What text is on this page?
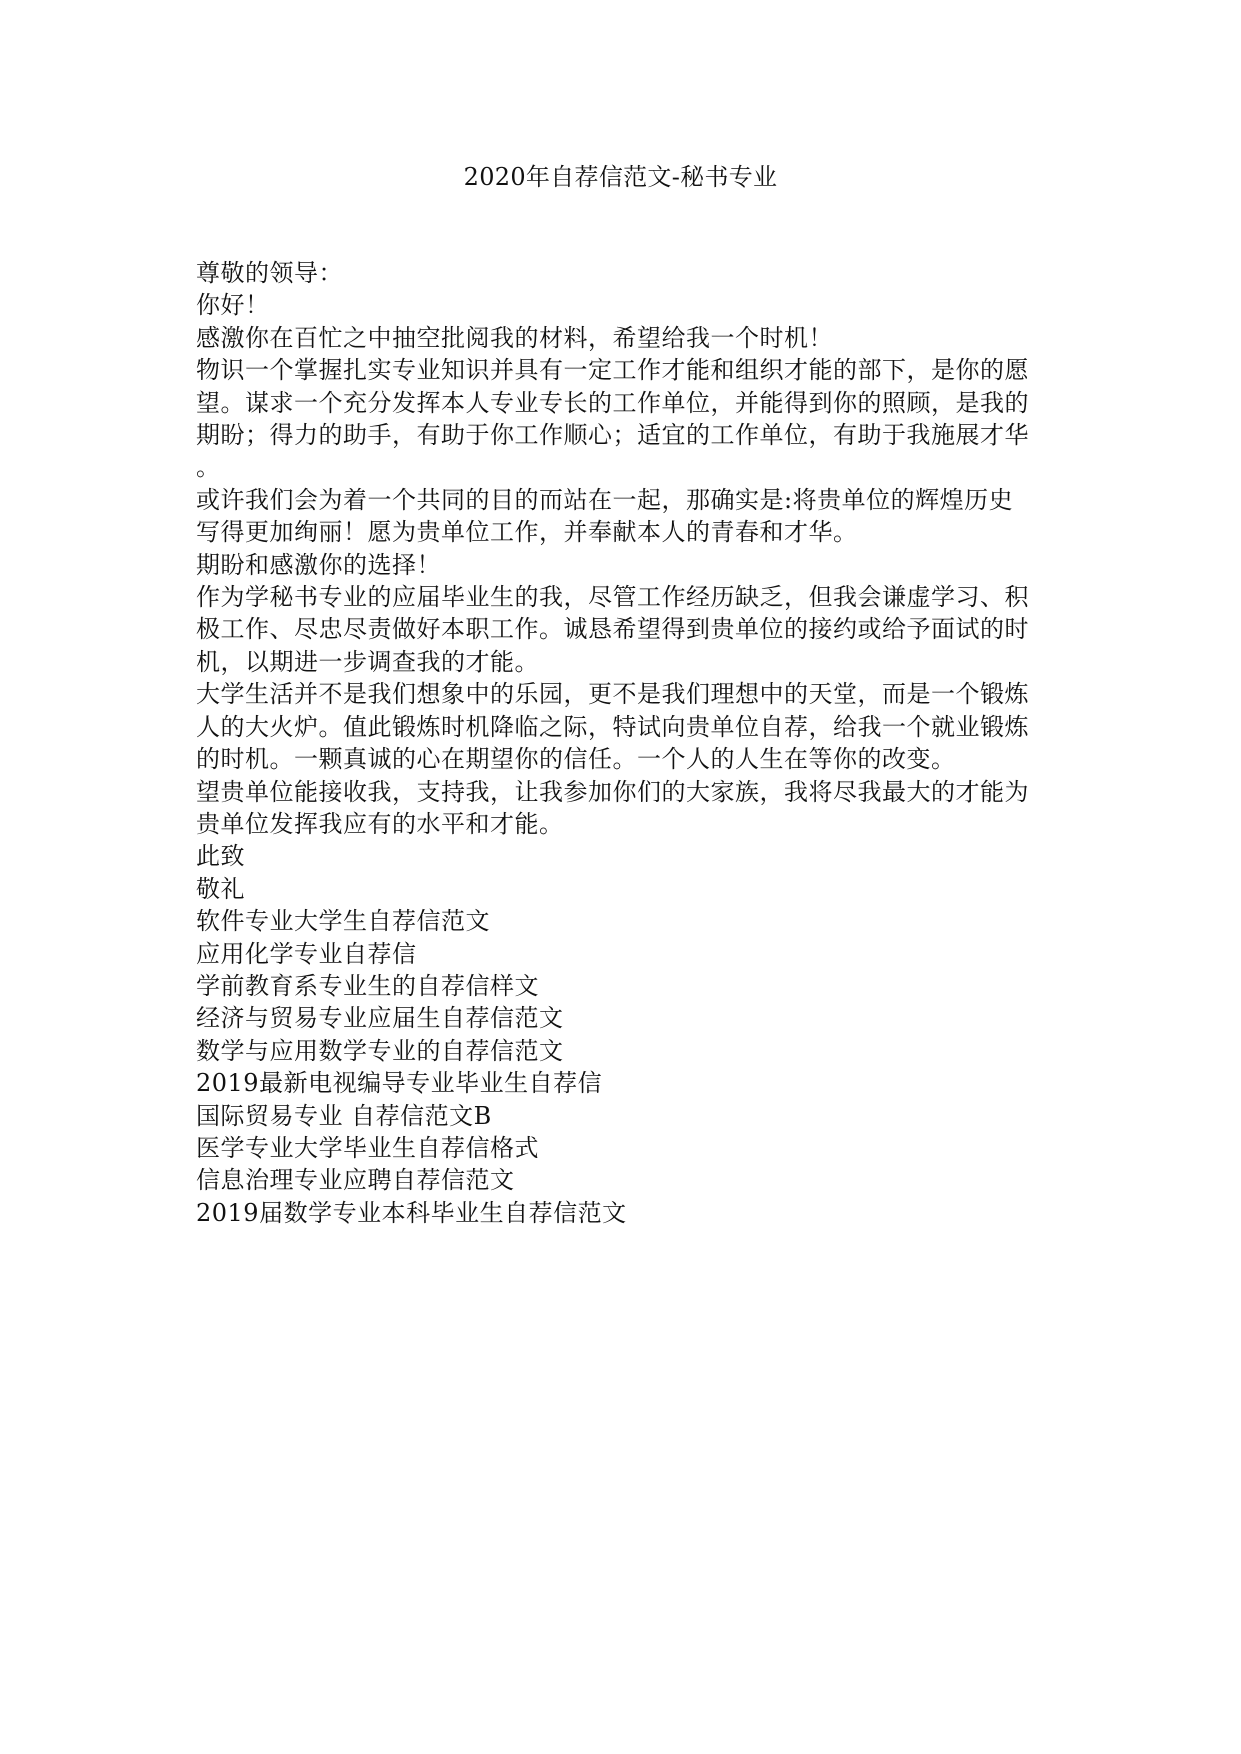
2020年自荐信范文-秘书专业
尊敬的领导：
你好！
感激你在百忙之中抽空批阅我的材料，希望给我一个时机！
物识一个掌握扎实专业知识并具有一定工作才能和组织才能的部下，是你的愿
望。谋求一个充分发挥本人专业专长的工作单位，并能得到你的照顾，是我的
期盼；得力的助手，有助于你工作顺心；适宜的工作单位，有助于我施展才华
。
或许我们会为着一个共同的目的而站在一起，那确实是:将贵单位的辉煌历史
写得更加绚丽！愿为贵单位工作，并奉献本人的青春和才华。
期盼和感激你的选择！
作为学秘书专业的应届毕业生的我，尽管工作经历缺乏，但我会谦虚学习、积
极工作、尽忠尽责做好本职工作。诚恳希望得到贵单位的接约或给予面试的时
机，以期进一步调查我的才能。
大学生活并不是我们想象中的乐园，更不是我们理想中的天堂，而是一个锻炼
人的大火炉。值此锻炼时机降临之际，特试向贵单位自荐，给我一个就业锻炼
的时机。一颗真诚的心在期望你的信任。一个人的人生在等你的改变。
望贵单位能接收我，支持我，让我参加你们的大家族，我将尽我最大的才能为
贵单位发挥我应有的水平和才能。
此致
敬礼
软件专业大学生自荐信范文
应用化学专业自荐信
学前教育系专业生的自荐信样文
经济与贸易专业应届生自荐信范文
数学与应用数学专业的自荐信范文
2019最新电视编导专业毕业生自荐信
国际贸易专业 自荐信范文B
医学专业大学毕业生自荐信格式
信息治理专业应聘自荐信范文
2019届数学专业本科毕业生自荐信范文
